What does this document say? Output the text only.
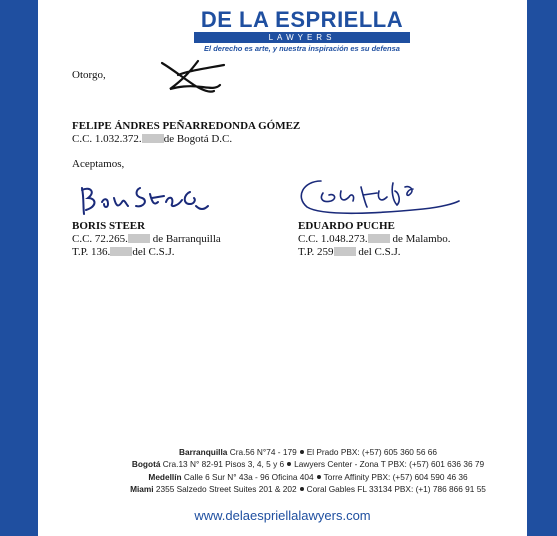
DE LA ESPRIELLA
LAWYERS
El derecho es arte, y nuestra inspiración es su defensa
Otorgo,
FELIPE ÁNDRES PEÑARREDONDA GÓMEZ
C.C. 1.032.372. de Bogotá D.C.
Aceptamos,
BORIS STEER
C.C. 72.265. de Barranquilla
T.P. 136. del C.S.J.
EDUARDO PUCHE
C.C. 1.048.273. de Malambo.
T.P. 259 del C.S.J.
Barranquilla Cra.56 N°74 - 179 El Prado PBX: (+57) 605 360 56 66
Bogotá Cra.13 N° 82-91 Pisos 3, 4, 5 y 6 Lawyers Center - Zona T PBX: (+57) 601 636 36 79
Medellín Calle 6 Sur N° 43a - 96 Oficina 404 Torre Affinity PBX: (+57) 604 590 46 36
Miami 2355 Salzedo Street Suites 201 & 202 Coral Gables FL 33134 PBX: (+1) 786 866 91 55
www.delaespriellalawyers.com
